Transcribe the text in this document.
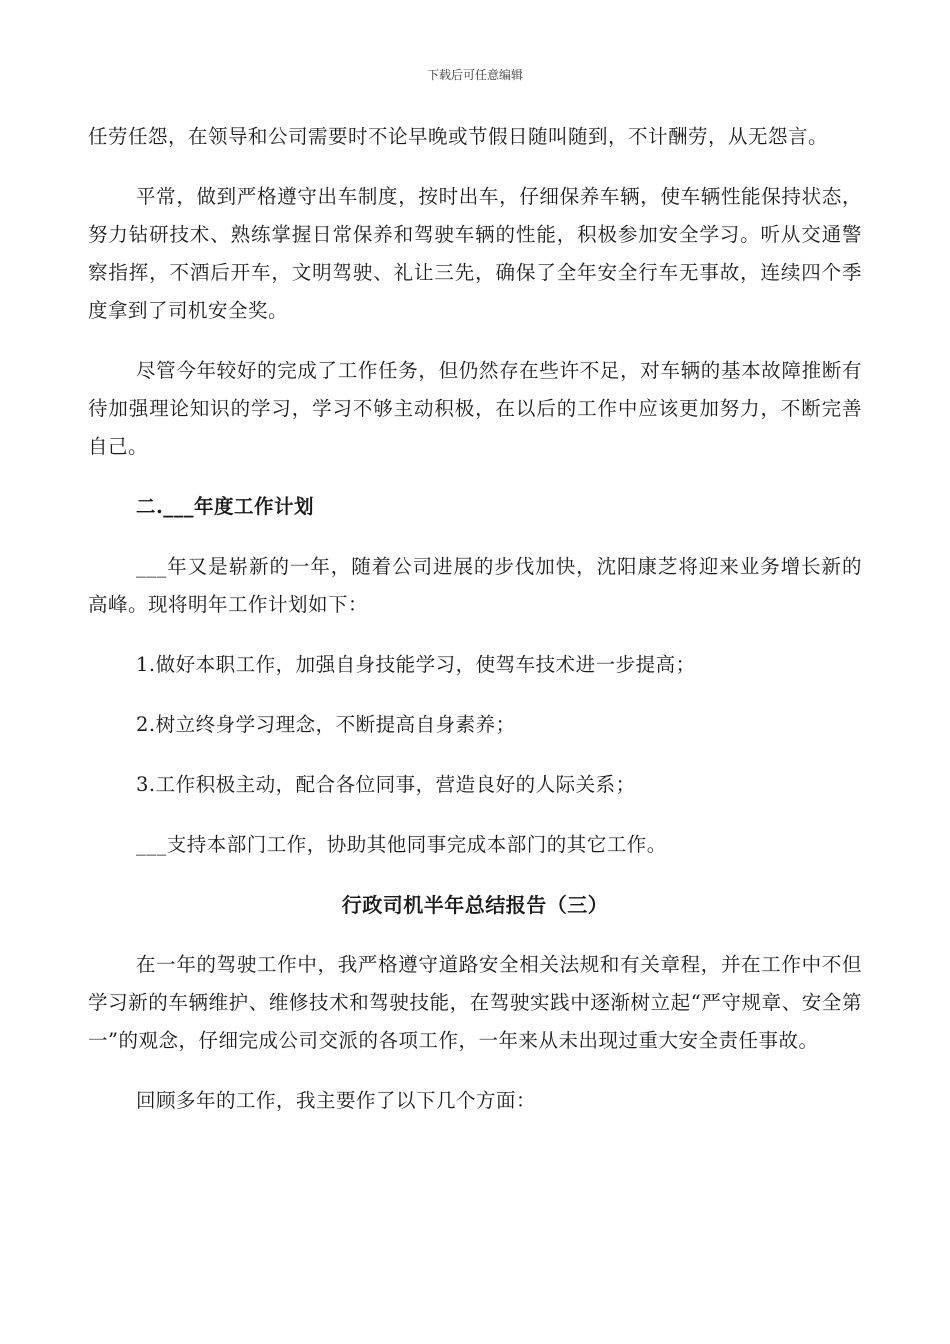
下载后可任意编辑

任劳任怨，在领导和公司需要时不论早晚或节假日随叫随到，不计酬劳，从无怨言。

平常，做到严格遵守出车制度，按时出车，仔细保养车辆，使车辆性能保持状态，努力钻研技术、熟练掌握日常保养和驾驶车辆的性能，积极参加安全学习。听从交通警察指挥，不酒后开车，文明驾驶、礼让三先，确保了全年安全行车无事故，连续四个季度拿到了司机安全奖。

尽管今年较好的完成了工作任务，但仍然存在些许不足，对车辆的基本故障推断有待加强理论知识的学习，学习不够主动积极，在以后的工作中应该更加努力，不断完善自己。

二.___年度工作计划

___年又是崭新的一年，随着公司进展的步伐加快，沈阳康芝将迎来业务增长新的高峰。现将明年工作计划如下：

1.做好本职工作，加强自身技能学习，使驾车技术进一步提高；

2.树立终身学习理念，不断提高自身素养；

3.工作积极主动，配合各位同事，营造良好的人际关系；

___支持本部门工作，协助其他同事完成本部门的其它工作。

行政司机半年总结报告（三）

在一年的驾驶工作中，我严格遵守道路安全相关法规和有关章程，并在工作中不但学习新的车辆维护、维修技术和驾驶技能，在驾驶实践中逐渐树立起“严守规章、安全第一”的观念，仔细完成公司交派的各项工作，一年来从未出现过重大安全责任事故。

回顾多年的工作，我主要作了以下几个方面：
